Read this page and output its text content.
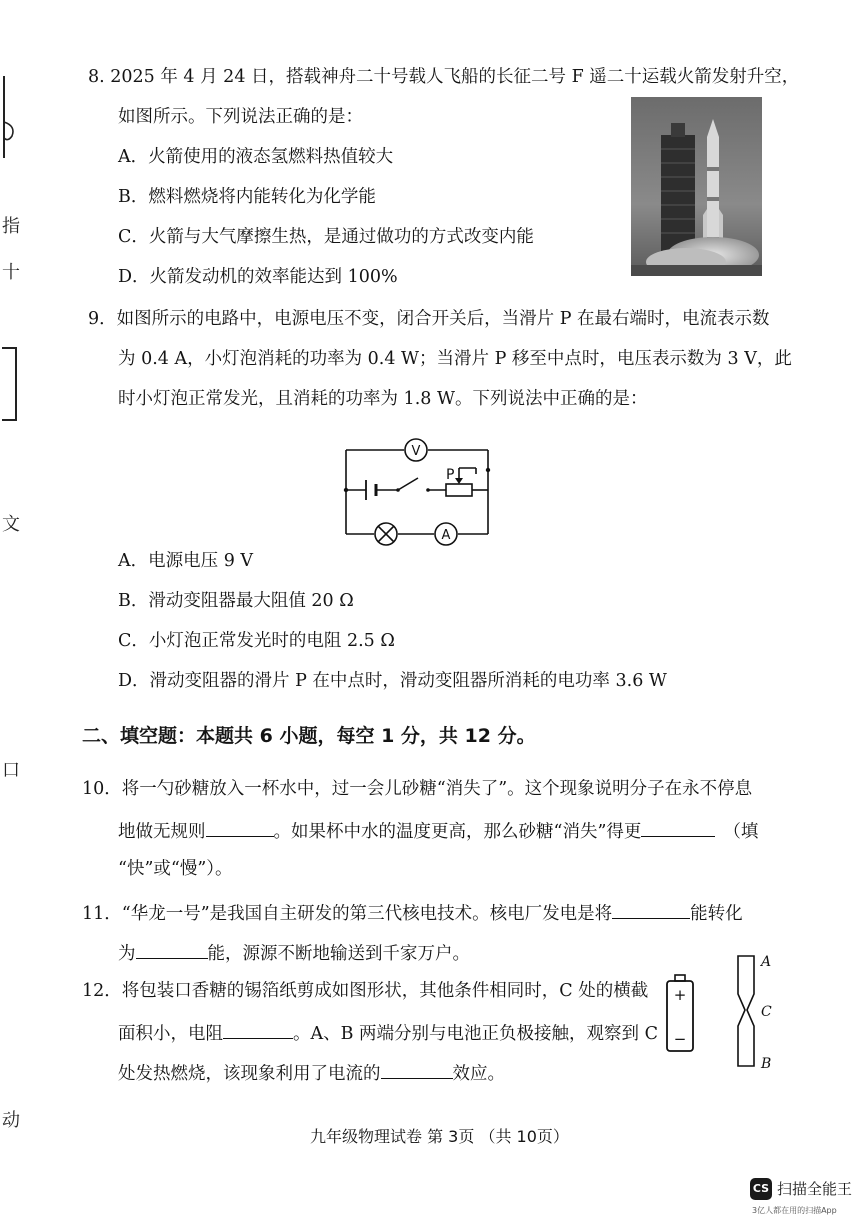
指
十
文
口
动
8. 2025 年 4 月 24 日，搭载神舟二十号载人飞船的长征二号 F 遥二十运载火箭发射升空，
如图所示。下列说法正确的是：
A．火箭使用的液态氢燃料热值较大
B．燃料燃烧将内能转化为化学能
C．火箭与大气摩擦生热，是通过做功的方式改变内能
D．火箭发动机的效率能达到 100%
9．如图所示的电路中，电源电压不变，闭合开关后，当滑片 P 在最右端时，电流表示数
为 0.4 A，小灯泡消耗的功率为 0.4 W；当滑片 P 移至中点时，电压表示数为 3 V，此
时小灯泡正常发光，且消耗的功率为 1.8 W。下列说法中正确的是：
V
A
P
A．电源电压 9 V
B．滑动变阻器最大阻值 20 Ω
C．小灯泡正常发光时的电阻 2.5 Ω
D．滑动变阻器的滑片 P 在中点时，滑动变阻器所消耗的电功率 3.6 W
二、填空题：本题共 6 小题，每空 1 分，共 12 分。
10．将一勺砂糖放入一杯水中，过一会儿砂糖“消失了”。这个现象说明分子在永不停息
地做无规则	。如果杯中水的温度更高，那么砂糖“消失”得更	（填
“快”或“慢”）。
11．“华龙一号”是我国自主研发的第三代核电技术。核电厂发电是将	能转化
为	能，源源不断地输送到千家万户。
12．将包装口香糖的锡箔纸剪成如图形状，其他条件相同时，C 处的横截
面积小，电阻	。A、B 两端分别与电池正负极接触，观察到 C
处发热燃烧，该现象利用了电流的	效应。
+
−
A
C
B
九年级物理试卷 第 3页 （共 10页）
CS 扫描全能王
3亿人都在用的扫描App
